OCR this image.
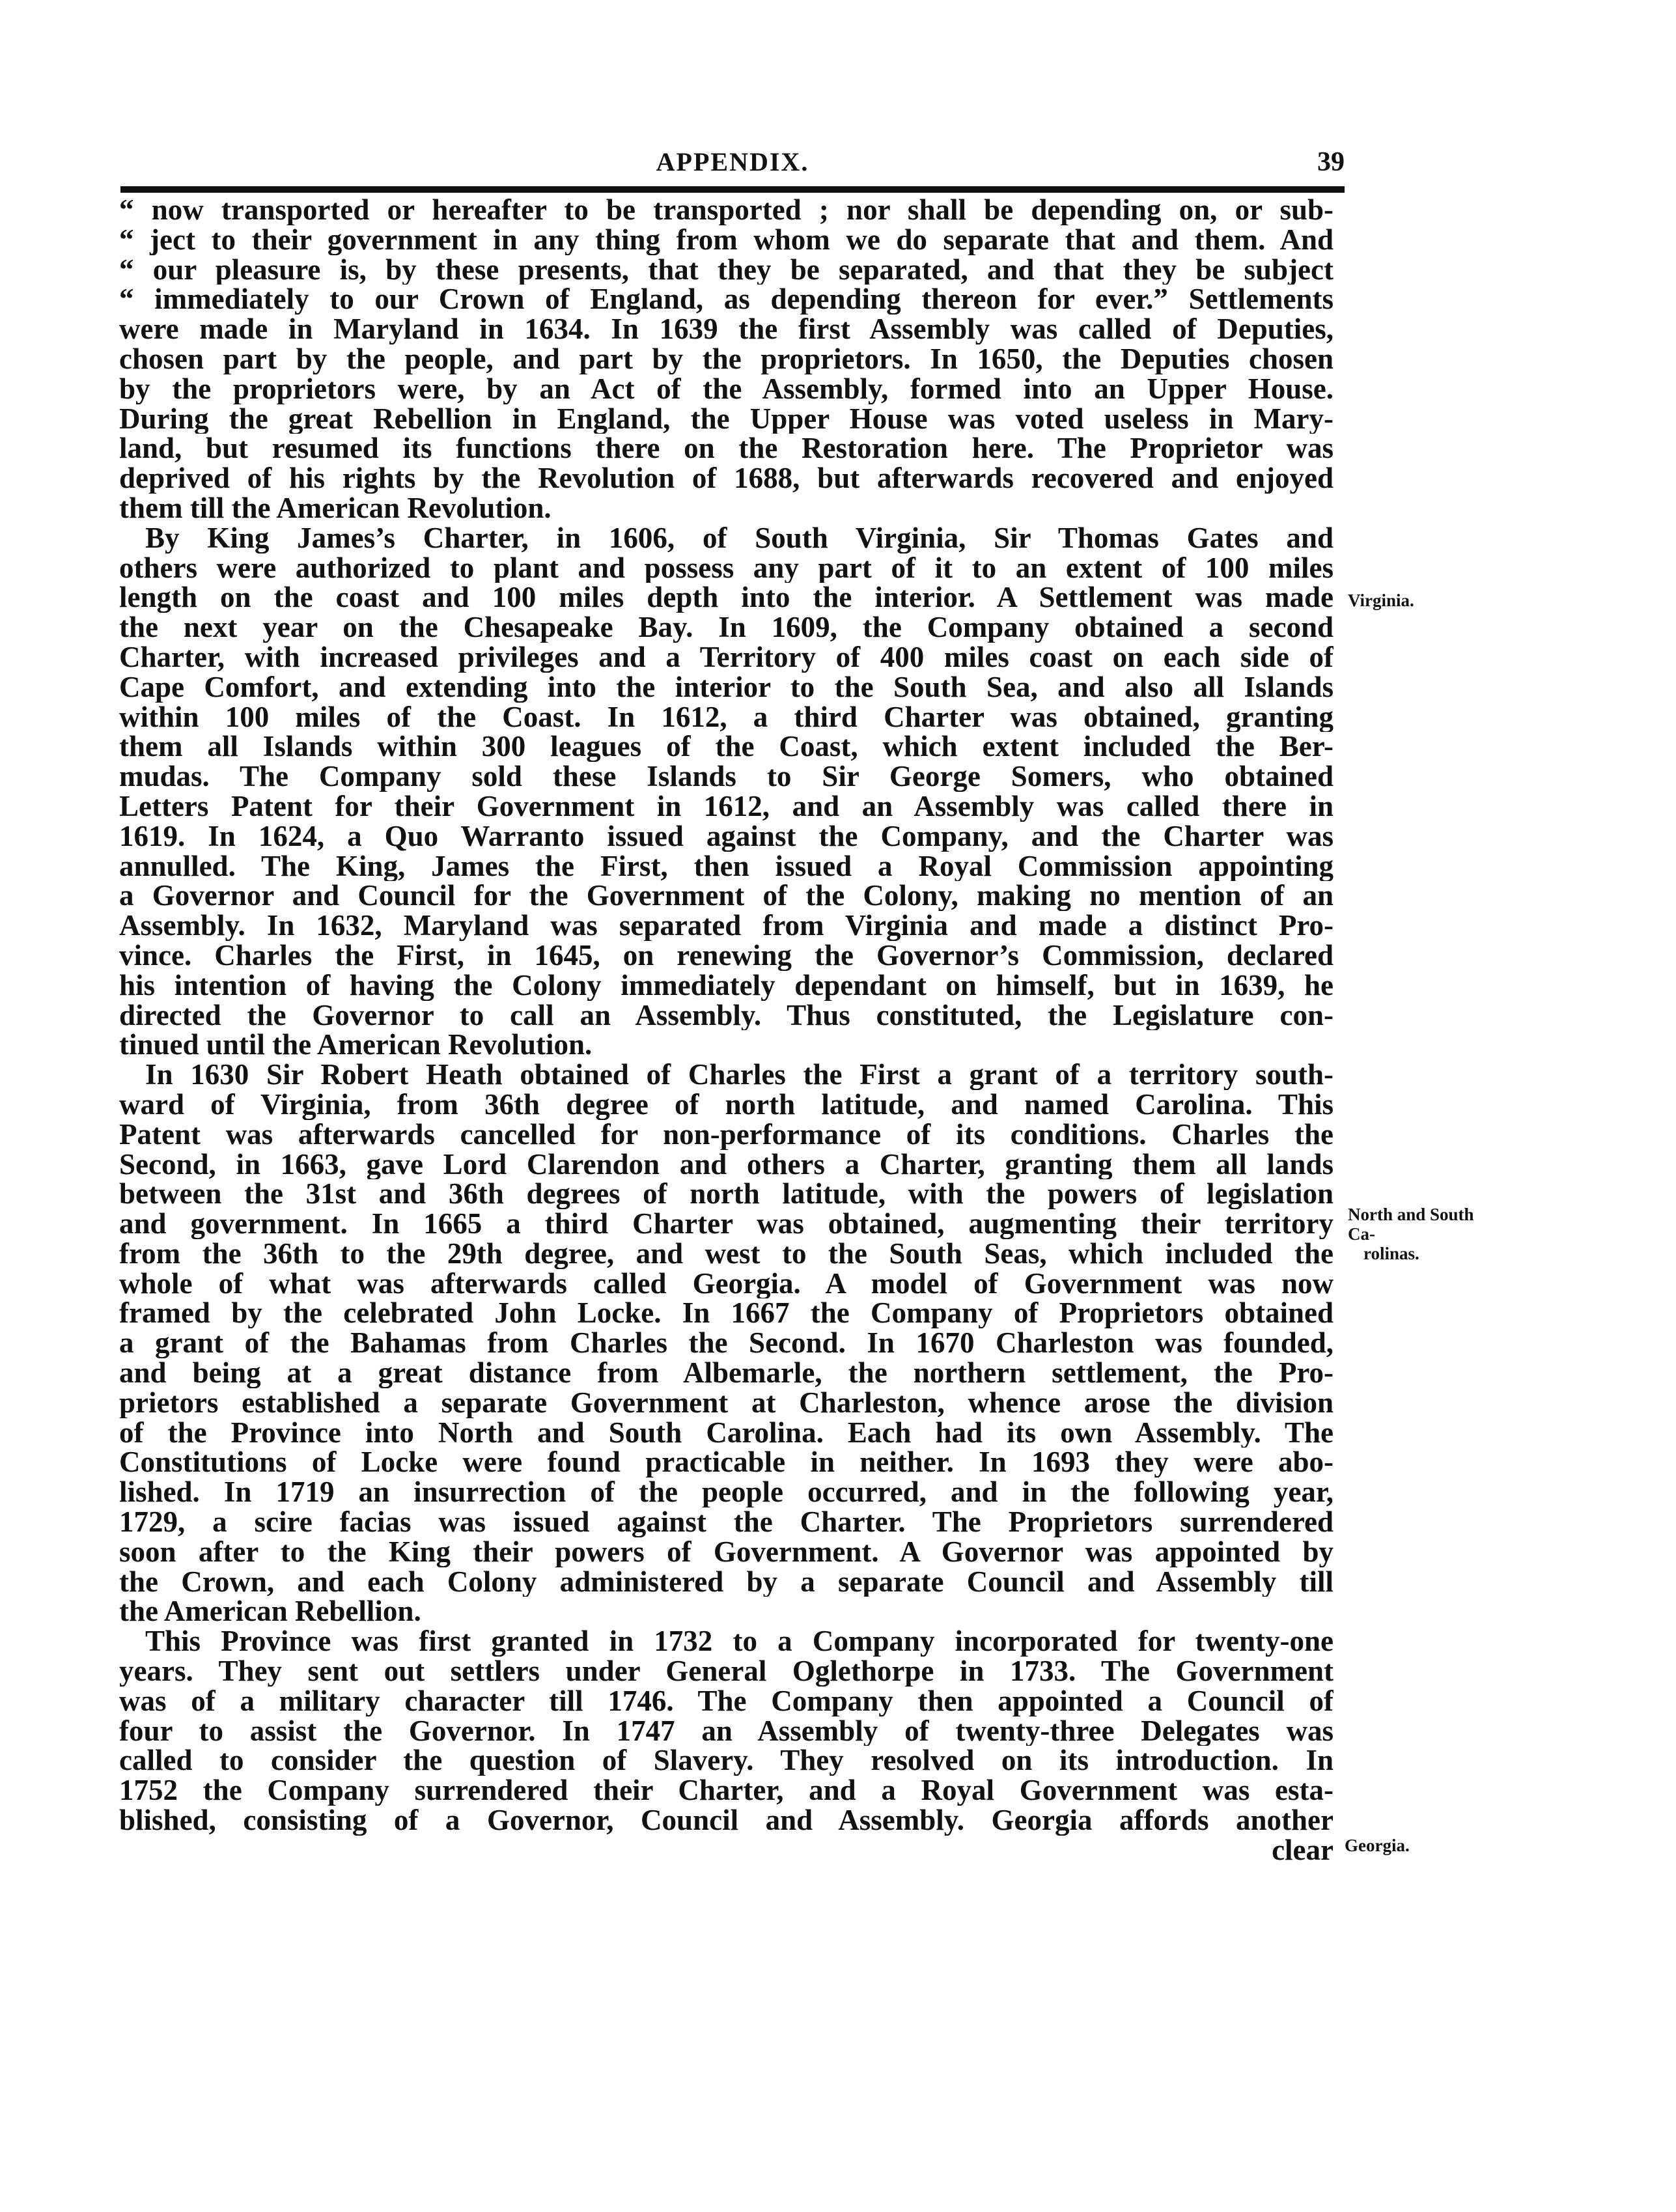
APPENDIX.	39
“ now transported or hereafter to be transported ; nor shall be depending on, or sub-
“ ject to their government in any thing from whom we do separate that and them. And
“ our pleasure is, by these presents, that they be separated, and that they be subject
“ immediately to our Crown of England, as depending thereon for ever.” Settlements
were made in Maryland in 1634. In 1639 the first Assembly was called of Deputies,
chosen part by the people, and part by the proprietors. In 1650, the Deputies chosen
by the proprietors were, by an Act of the Assembly, formed into an Upper House.
During the great Rebellion in England, the Upper House was voted useless in Mary-
land, but resumed its functions there on the Restoration here. The Proprietor was
deprived of his rights by the Revolution of 1688, but afterwards recovered and enjoyed
them till the American Revolution.
By King James’s Charter, in 1606, of South Virginia, Sir Thomas Gates and
others were authorized to plant and possess any part of it to an extent of 100 miles
length on the coast and 100 miles depth into the interior. A Settlement was made
the next year on the Chesapeake Bay. In 1609, the Company obtained a second
Charter, with increased privileges and a Territory of 400 miles coast on each side of
Cape Comfort, and extending into the interior to the South Sea, and also all Islands
within 100 miles of the Coast. In 1612, a third Charter was obtained, granting
them all Islands within 300 leagues of the Coast, which extent included the Ber-
mudas. The Company sold these Islands to Sir George Somers, who obtained
Letters Patent for their Government in 1612, and an Assembly was called there in
1619. In 1624, a Quo Warranto issued against the Company, and the Charter was
annulled. The King, James the First, then issued a Royal Commission appointing
a Governor and Council for the Government of the Colony, making no mention of an
Assembly. In 1632, Maryland was separated from Virginia and made a distinct Pro-
vince. Charles the First, in 1645, on renewing the Governor’s Commission, declared
his intention of having the Colony immediately dependant on himself, but in 1639, he
directed the Governor to call an Assembly. Thus constituted, the Legislature con-
tinued until the American Revolution.
In 1630 Sir Robert Heath obtained of Charles the First a grant of a territory south-
ward of Virginia, from 36th degree of north latitude, and named Carolina. This
Patent was afterwards cancelled for non-performance of its conditions. Charles the
Second, in 1663, gave Lord Clarendon and others a Charter, granting them all lands
between the 31st and 36th degrees of north latitude, with the powers of legislation
and government. In 1665 a third Charter was obtained, augmenting their territory
from the 36th to the 29th degree, and west to the South Seas, which included the
whole of what was afterwards called Georgia. A model of Government was now
framed by the celebrated John Locke. In 1667 the Company of Proprietors obtained
a grant of the Bahamas from Charles the Second. In 1670 Charleston was founded,
and being at a great distance from Albemarle, the northern settlement, the Pro-
prietors established a separate Government at Charleston, whence arose the division
of the Province into North and South Carolina. Each had its own Assembly. The
Constitutions of Locke were found practicable in neither. In 1693 they were abo-
lished. In 1719 an insurrection of the people occurred, and in the following year,
1729, a scire facias was issued against the Charter. The Proprietors surrendered
soon after to the King their powers of Government. A Governor was appointed by
the Crown, and each Colony administered by a separate Council and Assembly till
the American Rebellion.
This Province was first granted in 1732 to a Company incorporated for twenty-one
years. They sent out settlers under General Oglethorpe in 1733. The Government
was of a military character till 1746. The Company then appointed a Council of
four to assist the Governor. In 1747 an Assembly of twenty-three Delegates was
called to consider the question of Slavery. They resolved on its introduction. In
1752 the Company surrendered their Charter, and a Royal Government was esta-
blished, consisting of a Governor, Council and Assembly. Georgia affords another
clear
Virginia.
North and South Ca-
rolinas.
Georgia.
